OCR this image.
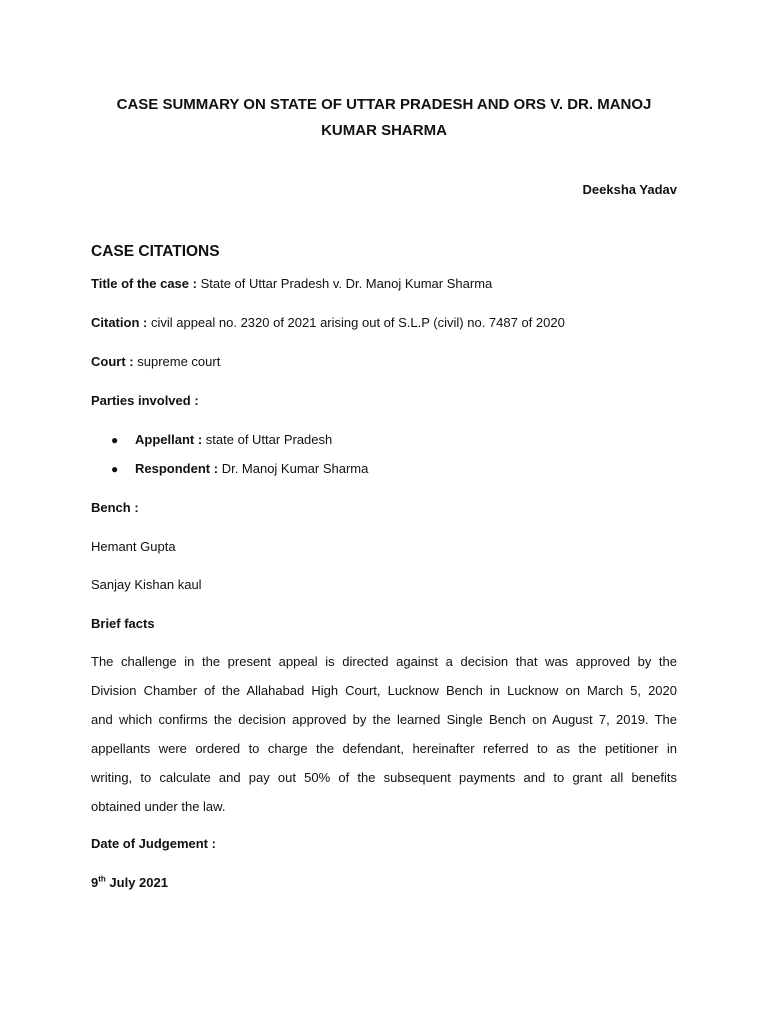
CASE SUMMARY ON STATE OF UTTAR PRADESH AND ORS V. DR. MANOJ
KUMAR SHARMA
Deeksha Yadav
CASE CITATIONS
Title of the case : State of Uttar Pradesh v. Dr. Manoj Kumar Sharma
Citation : civil appeal no. 2320 of 2021 arising out of S.L.P (civil) no. 7487 of 2020
Court : supreme court
Parties involved :
● Appellant : state of Uttar Pradesh
● Respondent : Dr. Manoj Kumar Sharma
Bench :
Hemant Gupta
Sanjay Kishan kaul
Brief facts
The challenge in the present appeal is directed against a decision that was approved by the
Division Chamber of the Allahabad High Court, Lucknow Bench in Lucknow on March 5, 2020
and which confirms the decision approved by the learned Single Bench on August 7, 2019. The
appellants were ordered to charge the defendant, hereinafter referred to as the petitioner in
writing, to calculate and pay out 50% of the subsequent payments and to grant all benefits
obtained under the law.
Date of Judgement :
9th July 2021
